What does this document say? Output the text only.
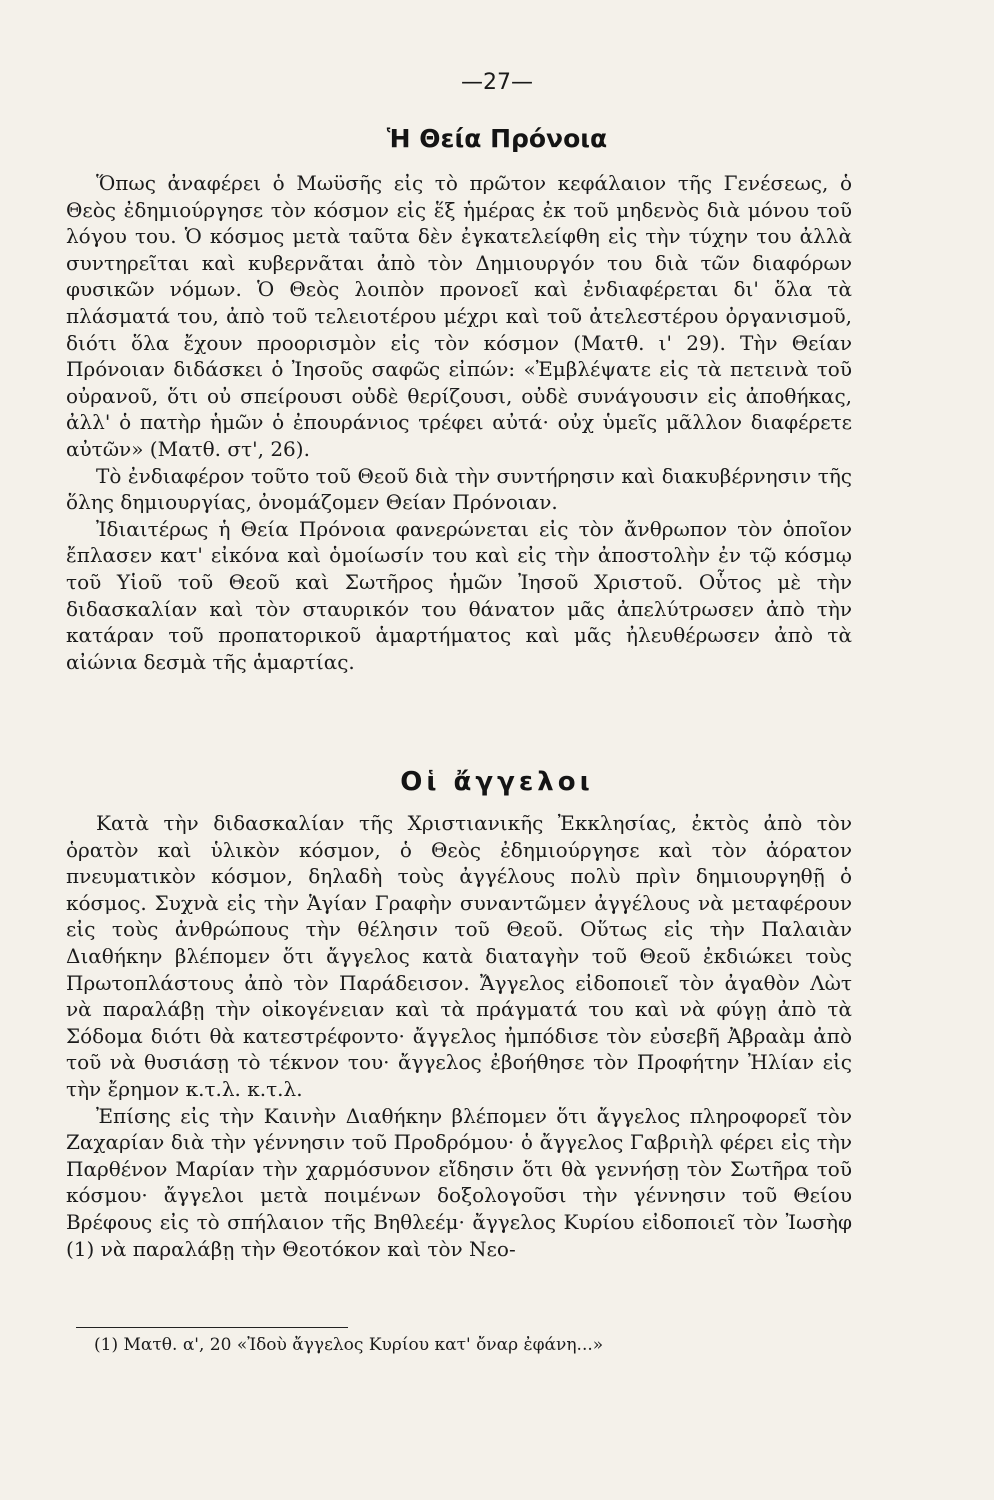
—27—
Ἡ Θεία Πρόνοια

Ὅπως ἀναφέρει ὁ Μωϋσῆς εἰς τὸ πρῶτον κεφάλαιον τῆς Γενέσεως, ὁ Θεὸς ἐδημιούργησε τὸν κόσμον εἰς ἕξ ἡμέρας ἐκ τοῦ μηδενὸς διὰ μόνου τοῦ λόγου του. Ὁ κόσμος μετὰ ταῦτα δὲν ἐγκατελείφθη εἰς τὴν τύχην του ἀλλὰ συντηρεῖται καὶ κυβερνᾶται ἀπὸ τὸν Δημιουργόν του διὰ τῶν διαφόρων φυσικῶν νόμων. Ὁ Θεὸς λοιπὸν προνοεῖ καὶ ἐνδιαφέρεται δι' ὅλα τὰ πλάσματά του, ἀπὸ τοῦ τελειοτέρου μέχρι καὶ τοῦ ἀτελεστέρου ὀργανισμοῦ, διότι ὅλα ἔχουν προορισμὸν εἰς τὸν κόσμον (Ματθ. ι' 29). Τὴν Θείαν Πρόνοιαν διδάσκει ὁ Ἰησοῦς σαφῶς εἰπών: «Ἐμβλέψατε εἰς τὰ πετεινὰ τοῦ οὐρανοῦ, ὅτι οὐ σπείρουσι οὐδὲ θερίζουσι, οὐδὲ συνάγουσιν εἰς ἀποθήκας, ἀλλ' ὁ πατὴρ ἡμῶν ὁ ἐπουράνιος τρέφει αὐτά· οὐχ ὑμεῖς μᾶλλον διαφέρετε αὐτῶν» (Ματθ. στ', 26).

Τὸ ἐνδιαφέρον τοῦτο τοῦ Θεοῦ διὰ τὴν συντήρησιν καὶ διακυβέρνησιν τῆς ὅλης δημιουργίας, ὀνομάζομεν Θείαν Πρόνοιαν.

Ἰδιαιτέρως ἡ Θεία Πρόνοια φανερώνεται εἰς τὸν ἄνθρωπον τὸν ὁποῖον ἔπλασεν κατ' εἰκόνα καὶ ὁμοίωσίν του καὶ εἰς τὴν ἀποστολὴν ἐν τῷ κόσμῳ τοῦ Υἱοῦ τοῦ Θεοῦ καὶ Σωτῆρος ἡμῶν Ἰησοῦ Χριστοῦ. Οὗτος μὲ τὴν διδασκαλίαν καὶ τὸν σταυρικόν του θάνατον μᾶς ἀπελύτρωσεν ἀπὸ τὴν κατάραν τοῦ προπατορικοῦ ἁμαρτήματος καὶ μᾶς ἠλευθέρωσεν ἀπὸ τὰ αἰώνια δεσμὰ τῆς ἁμαρτίας.

Οἱ ἄγγελοι

Κατὰ τὴν διδασκαλίαν τῆς Χριστιανικῆς Ἐκκλησίας, ἐκτὸς ἀπὸ τὸν ὁρατὸν καὶ ὑλικὸν κόσμον, ὁ Θεὸς ἐδημιούργησε καὶ τὸν ἀόρατον πνευματικὸν κόσμον, δηλαδὴ τοὺς ἀγγέλους πολὺ πρὶν δημιουργηθῇ ὁ κόσμος. Συχνὰ εἰς τὴν Ἁγίαν Γραφὴν συναντῶμεν ἀγγέλους νὰ μεταφέρουν εἰς τοὺς ἀνθρώπους τὴν θέλησιν τοῦ Θεοῦ. Οὕτως εἰς τὴν Παλαιὰν Διαθήκην βλέπομεν ὅτι ἄγγελος κατὰ διαταγὴν τοῦ Θεοῦ ἐκδιώκει τοὺς Πρωτοπλάστους ἀπὸ τὸν Παράδεισον. Ἄγγελος εἰδοποιεῖ τὸν ἀγαθὸν Λὼτ νὰ παραλάβῃ τὴν οἰκογένειαν καὶ τὰ πράγματά του καὶ νὰ φύγῃ ἀπὸ τὰ Σόδομα διότι θὰ κατεστρέφοντο· ἄγγελος ἠμπόδισε τὸν εὐσεβῆ Ἀβραὰμ ἀπὸ τοῦ νὰ θυσιάσῃ τὸ τέκνον του· ἄγγελος ἐβοήθησε τὸν Προφήτην Ἠλίαν εἰς τὴν ἔρημον κ.τ.λ. κ.τ.λ.

Ἐπίσης εἰς τὴν Καινὴν Διαθήκην βλέπομεν ὅτι ἄγγελος πληροφορεῖ τὸν Ζαχαρίαν διὰ τὴν γέννησιν τοῦ Προδρόμου· ὁ ἄγγελος Γαβριὴλ φέρει εἰς τὴν Παρθένον Μαρίαν τὴν χαρμόσυνον εἴδησιν ὅτι θὰ γεννήσῃ τὸν Σωτῆρα τοῦ κόσμου· ἄγγελοι μετὰ ποιμένων δοξολογοῦσι τὴν γέννησιν τοῦ Θείου Βρέφους εἰς τὸ σπήλαιον τῆς Βηθλεέμ· ἄγγελος Κυρίου εἰδοποιεῖ τὸν Ἰωσὴφ (1) νὰ παραλάβῃ τὴν Θεοτόκον καὶ τὸν Νεο-

(1) Ματθ. α', 20 «Ἰδοὺ ἄγγελος Κυρίου κατ' ὄναρ ἐφάνη...»
